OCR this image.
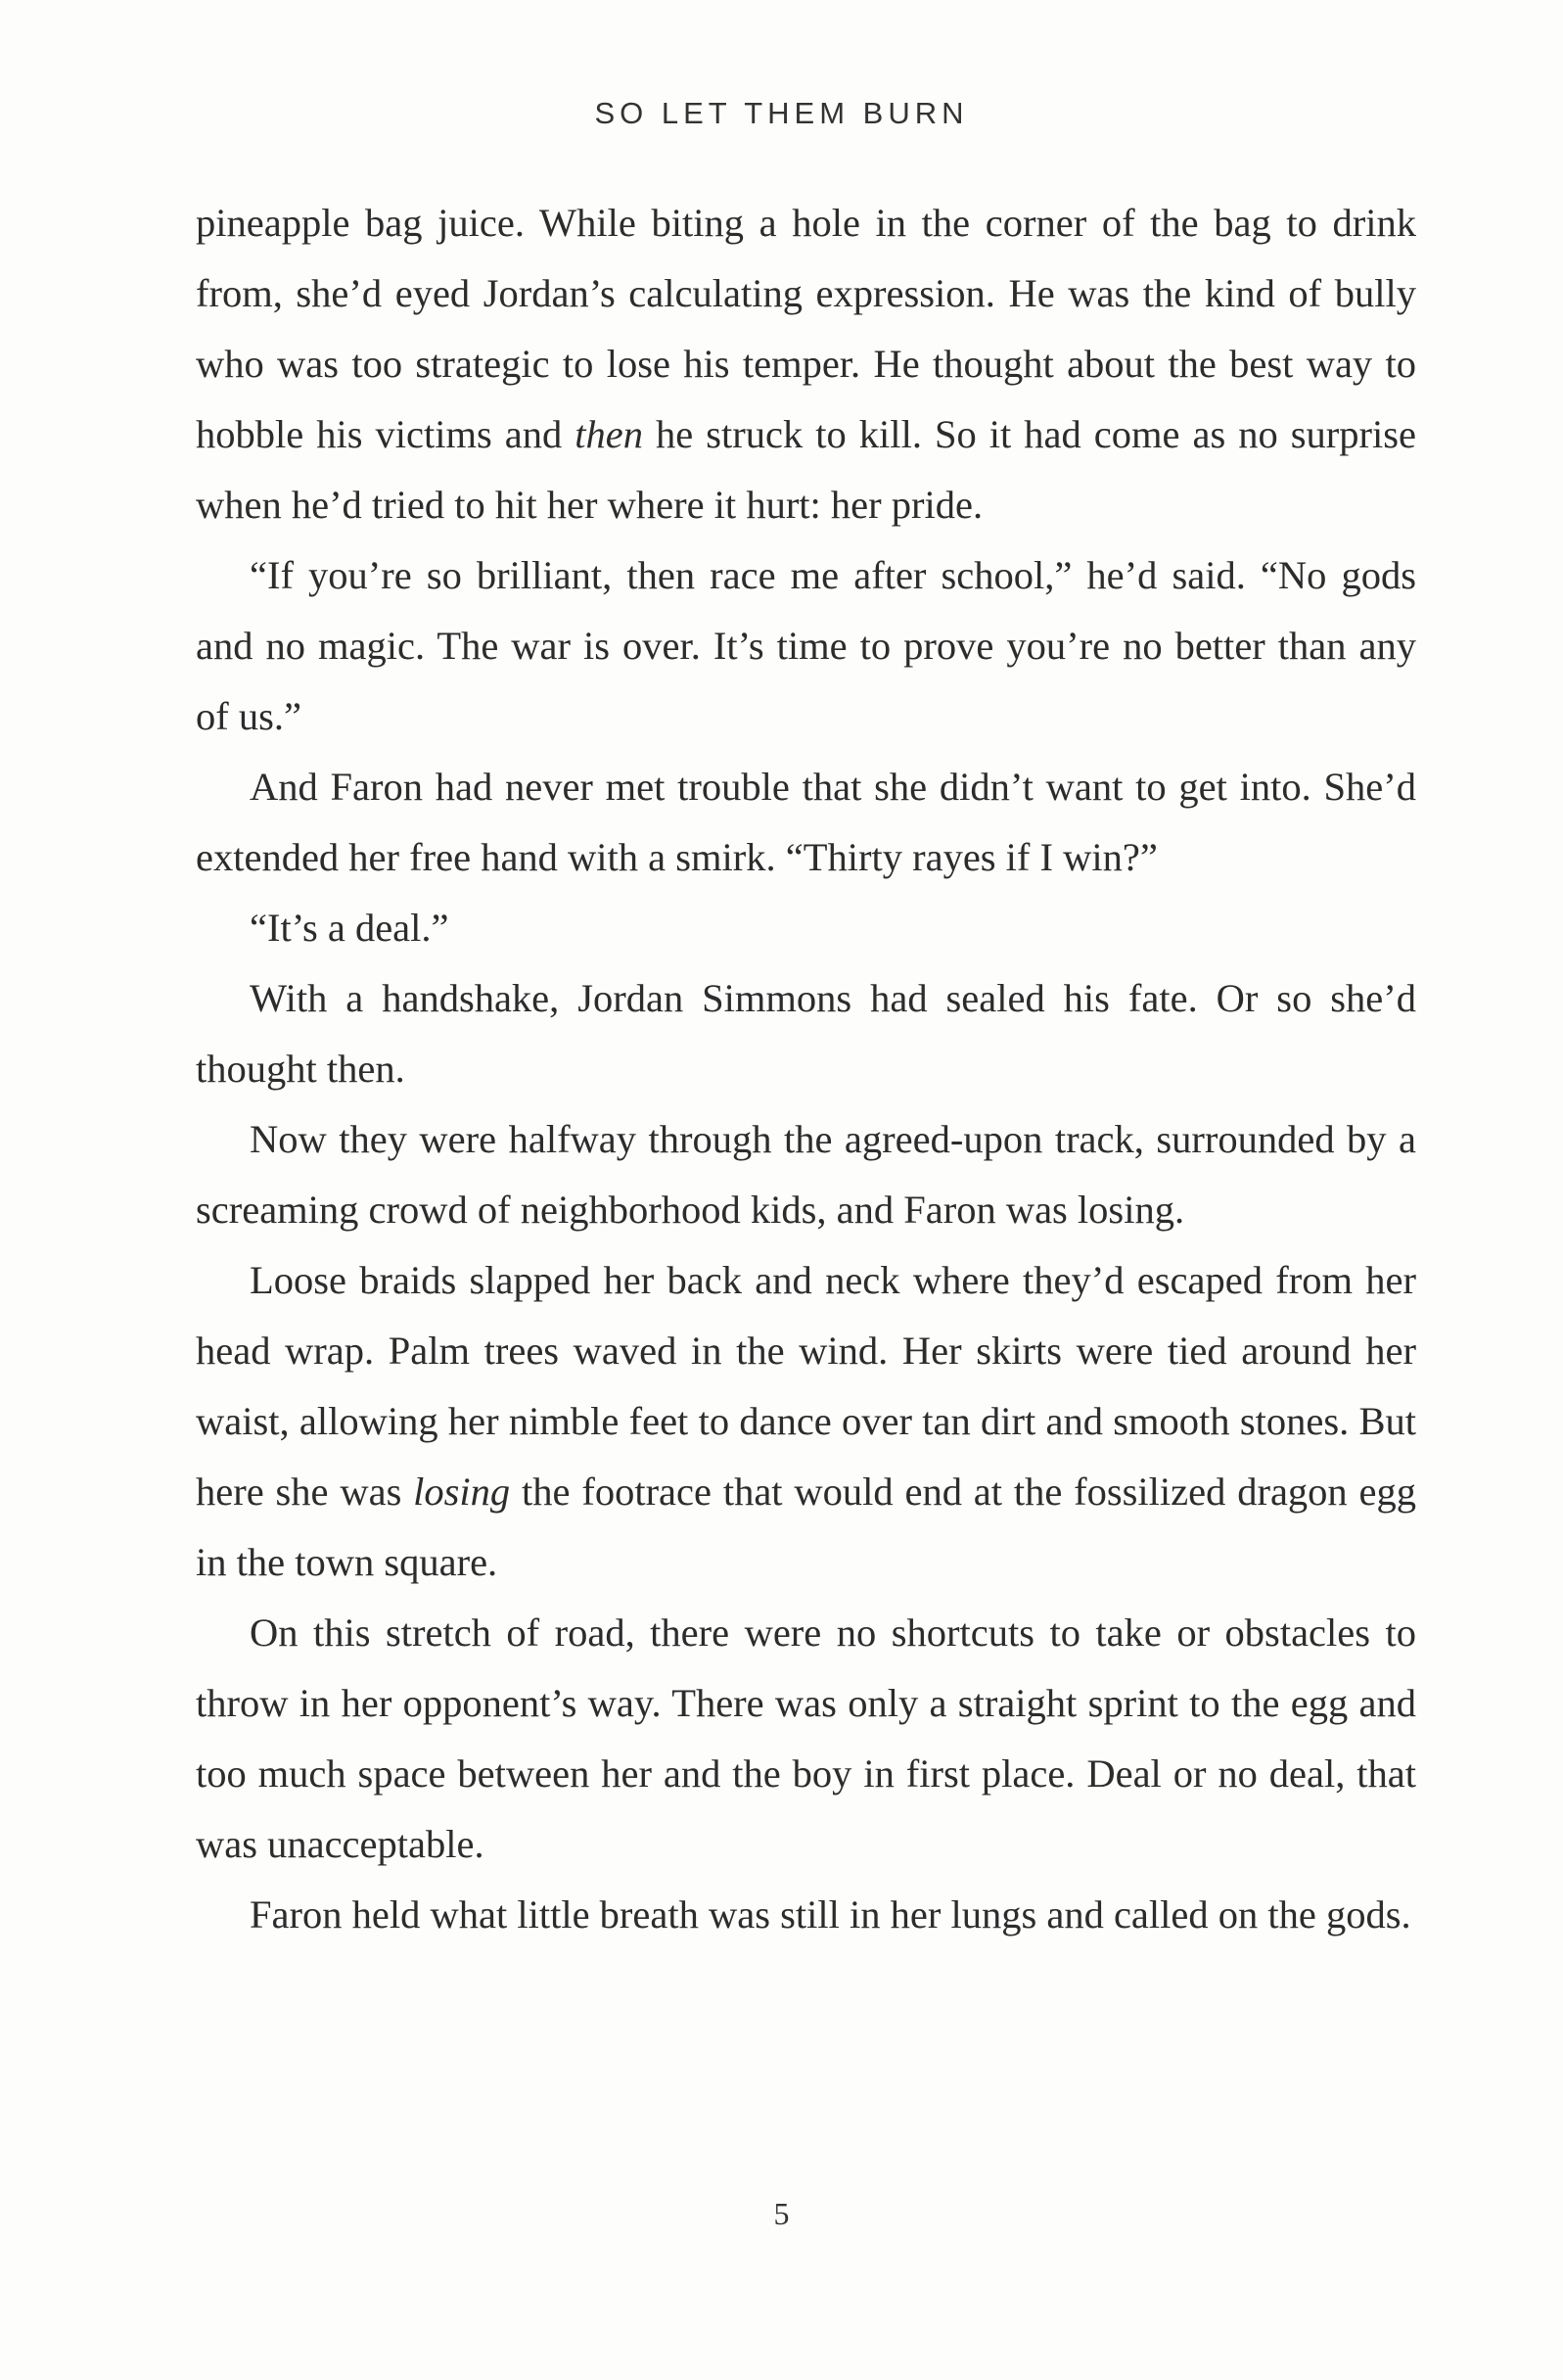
SO LET THEM BURN

pineapple bag juice. While biting a hole in the corner of the bag to drink from, she’d eyed Jordan’s calculating expression. He was the kind of bully who was too strategic to lose his temper. He thought about the best way to hobble his victims and then he struck to kill. So it had come as no surprise when he’d tried to hit her where it hurt: her pride.

“If you’re so brilliant, then race me after school,” he’d said. “No gods and no magic. The war is over. It’s time to prove you’re no better than any of us.”

And Faron had never met trouble that she didn’t want to get into. She’d extended her free hand with a smirk. “Thirty rayes if I win?”

“It’s a deal.”

With a handshake, Jordan Simmons had sealed his fate. Or so she’d thought then.

Now they were halfway through the agreed-upon track, surrounded by a screaming crowd of neighborhood kids, and Faron was losing.

Loose braids slapped her back and neck where they’d escaped from her head wrap. Palm trees waved in the wind. Her skirts were tied around her waist, allowing her nimble feet to dance over tan dirt and smooth stones. But here she was losing the footrace that would end at the fossilized dragon egg in the town square.

On this stretch of road, there were no shortcuts to take or obstacles to throw in her opponent’s way. There was only a straight sprint to the egg and too much space between her and the boy in first place. Deal or no deal, that was unacceptable.

Faron held what little breath was still in her lungs and called on the gods.

5
